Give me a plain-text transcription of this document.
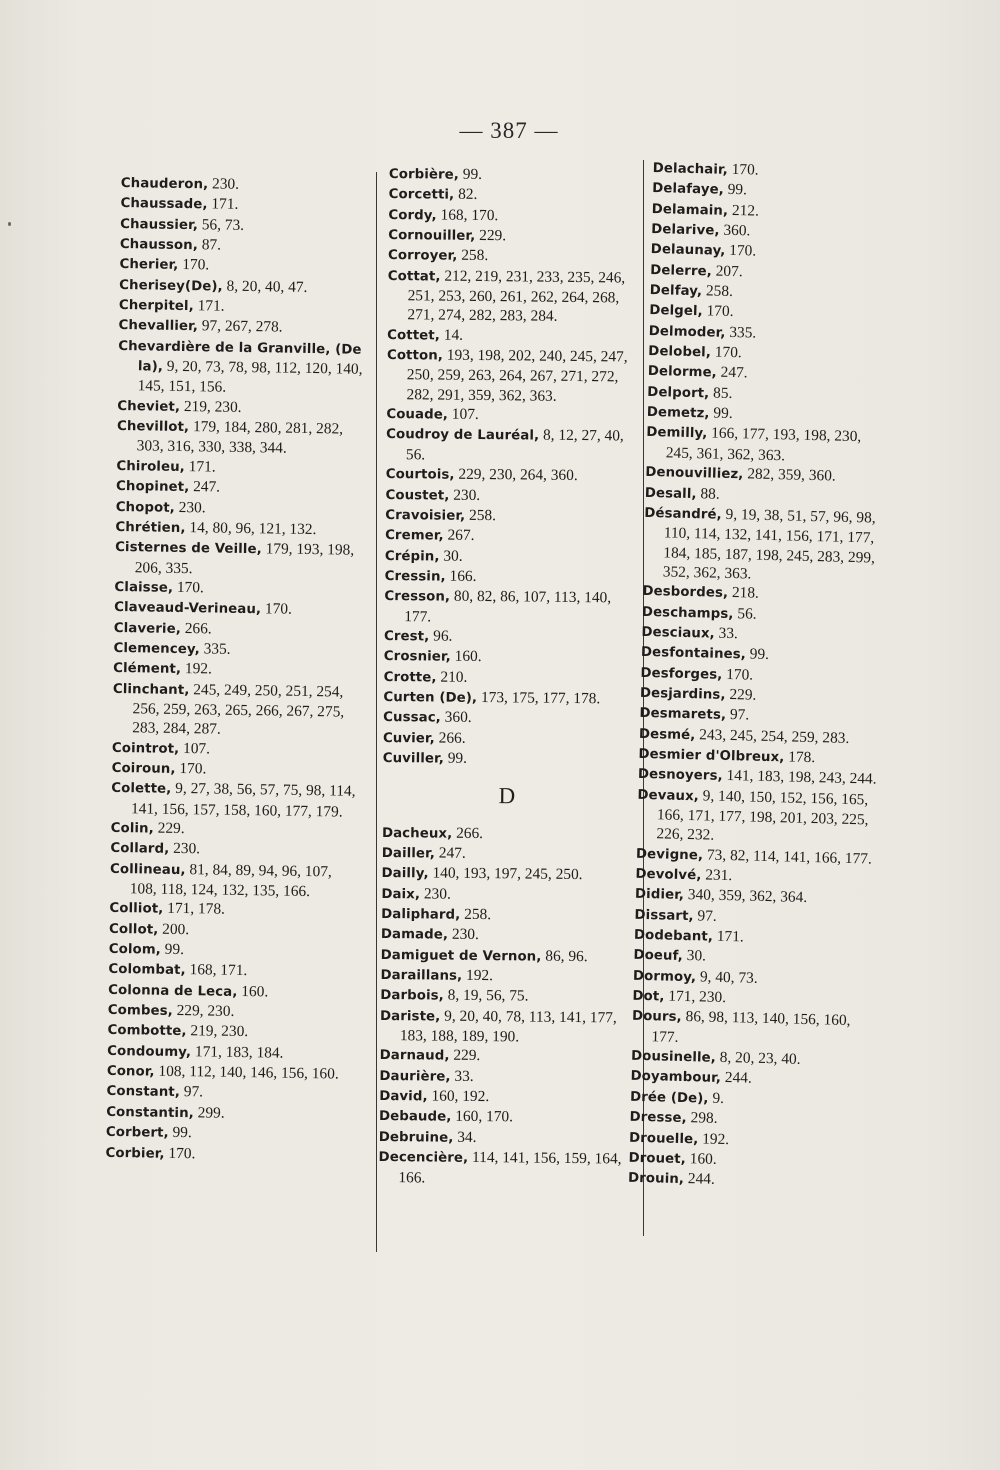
— 387 —

Chauderon, 230.

Chaussade, 171.

Chaussier, 56, 73.

Chausson, 87.

Cherier, 170.

Cherisey(De), 8, 20, 40, 47.

Cherpitel, 171.

Chevallier, 97, 267, 278.

Chevardière de la Granville, (De la), 9, 20, 73, 78, 98, 112, 120, 140, 145, 151, 156.

Cheviet, 219, 230.

Chevillot, 179, 184, 280, 281, 282, 303, 316, 330, 338, 344.

Chiroleu, 171.

Chopinet, 247.

Chopot, 230.

Chrétien, 14, 80, 96, 121, 132.

Cisternes de Veille, 179, 193, 198, 206, 335.

Claisse, 170.

Claveaud-Verineau, 170.

Claverie, 266.

Clemencey, 335.

Clément, 192.

Clinchant, 245, 249, 250, 251, 254, 256, 259, 263, 265, 266, 267, 275, 283, 284, 287.

Cointrot, 107.

Coiroun, 170.

Colette, 9, 27, 38, 56, 57, 75, 98, 114, 141, 156, 157, 158, 160, 177, 179.

Colin, 229.

Collard, 230.

Collineau, 81, 84, 89, 94, 96, 107, 108, 118, 124, 132, 135, 166.

Colliot, 171, 178.

Collot, 200.

Colom, 99.

Colombat, 168, 171.

Colonna de Leca, 160.

Combes, 229, 230.

Combotte, 219, 230.

Condoumy, 171, 183, 184.

Conor, 108, 112, 140, 146, 156, 160.

Constant, 97.

Constantin, 299.

Corbert, 99.

Corbier, 170.

Corbière, 99.

Corcetti, 82.

Cordy, 168, 170.

Cornouiller, 229.

Corroyer, 258.

Cottat, 212, 219, 231, 233, 235, 246, 251, 253, 260, 261, 262, 264, 268, 271, 274, 282, 283, 284.

Cottet, 14.

Cotton, 193, 198, 202, 240, 245, 247, 250, 259, 263, 264, 267, 271, 272, 282, 291, 359, 362, 363.

Couade, 107.

Coudroy de Lauréal, 8, 12, 27, 40, 56.

Courtois, 229, 230, 264, 360.

Coustet, 230.

Cravoisier, 258.

Cremer, 267.

Crépin, 30.

Cressin, 166.

Cresson, 80, 82, 86, 107, 113, 140, 177.

Crest, 96.

Crosnier, 160.

Crotte, 210.

Curten (De), 173, 175, 177, 178.

Cussac, 360.

Cuvier, 266.

Cuviller, 99.

D

Dacheux, 266.

Dailler, 247.

Dailly, 140, 193, 197, 245, 250.

Daix, 230.

Daliphard, 258.

Damade, 230.

Damiguet de Vernon, 86, 96.

Daraillans, 192.

Darbois, 8, 19, 56, 75.

Dariste, 9, 20, 40, 78, 113, 141, 177, 183, 188, 189, 190.

Darnaud, 229.

Daurière, 33.

David, 160, 192.

Debaude, 160, 170.

Debruine, 34.

Decencière, 114, 141, 156, 159, 164, 166.

Delachair, 170.

Delafaye, 99.

Delamain, 212.

Delarive, 360.

Delaunay, 170.

Delerre, 207.

Delfay, 258.

Delgel, 170.

Delmoder, 335.

Delobel, 170.

Delorme, 247.

Delport, 85.

Demetz, 99.

Demilly, 166, 177, 193, 198, 230, 245, 361, 362, 363.

Denouvilliez, 282, 359, 360.

Desall, 88.

Désandré, 9, 19, 38, 51, 57, 96, 98, 110, 114, 132, 141, 156, 171, 177, 184, 185, 187, 198, 245, 283, 299, 352, 362, 363.

Desbordes, 218.

Deschamps, 56.

Desciaux, 33.

Desfontaines, 99.

Desforges, 170.

Desjardins, 229.

Desmarets, 97.

Desmé, 243, 245, 254, 259, 283.

Desmier d'Olbreux, 178.

Desnoyers, 141, 183, 198, 243, 244.

Devaux, 9, 140, 150, 152, 156, 165, 166, 171, 177, 198, 201, 203, 225, 226, 232.

Devigne, 73, 82, 114, 141, 166, 177.

Devolvé, 231.

Didier, 340, 359, 362, 364.

Dissart, 97.

Dodebant, 171.

Doeuf, 30.

Dormoy, 9, 40, 73.

Dot, 171, 230.

Dours, 86, 98, 113, 140, 156, 160, 177.

Dousinelle, 8, 20, 23, 40.

Doyambour, 244.

Drée (De), 9.

Dresse, 298.

Drouelle, 192.

Drouet, 160.

Drouin, 244.
